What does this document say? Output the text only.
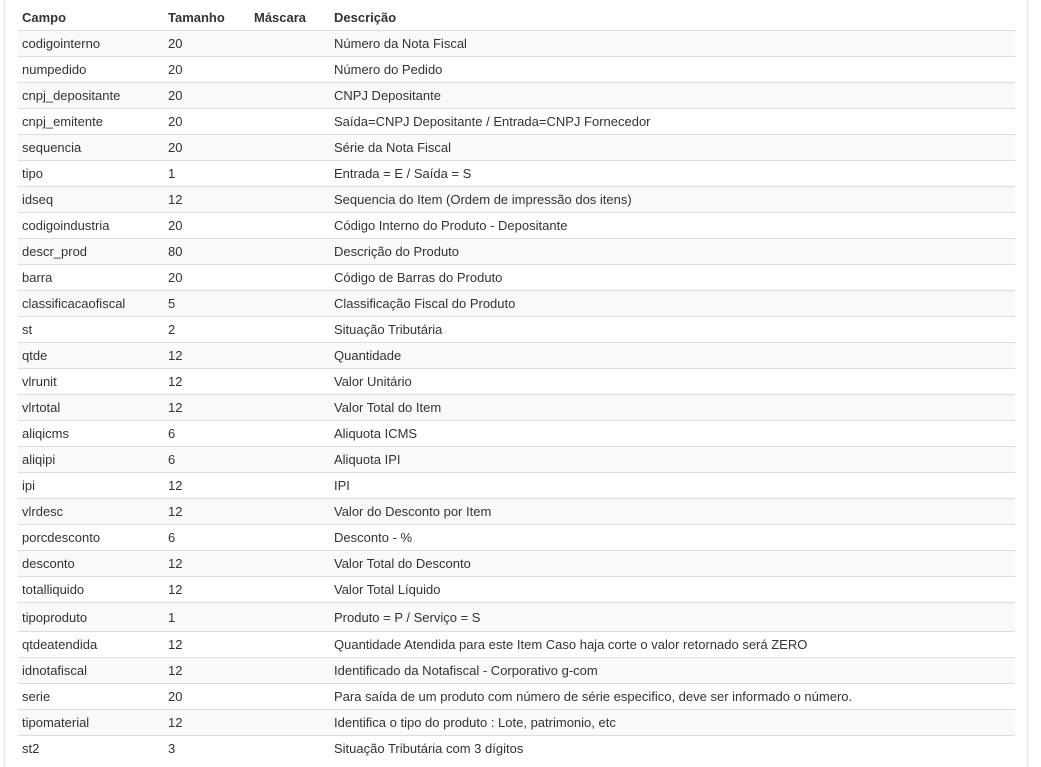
Campo	Tamanho	Máscara	Descrição
codigointerno	20		Número da Nota Fiscal
numpedido	20		Número do Pedido
cnpj_depositante	20		CNPJ Depositante
cnpj_emitente	20		Saída=CNPJ Depositante / Entrada=CNPJ Fornecedor
sequencia	20		Série da Nota Fiscal
tipo	1		Entrada = E / Saída = S
idseq	12		Sequencia do Item (Ordem de impressão dos itens)
codigoindustria	20		Código Interno do Produto - Depositante
descr_prod	80		Descrição do Produto
barra	20		Código de Barras do Produto
classificacaofiscal	5		Classificação Fiscal do Produto
st	2		Situação Tributária
qtde	12		Quantidade
vlrunit	12		Valor Unitário
vlrtotal	12		Valor Total do Item
aliqicms	6		Aliquota ICMS
aliqipi	6		Aliquota IPI
ipi	12		IPI
vlrdesc	12		Valor do Desconto por Item
porcdesconto	6		Desconto - %
desconto	12		Valor Total do Desconto
totalliquido	12		Valor Total Líquido
tipoproduto	1		Produto = P / Serviço = S
qtdeatendida	12		Quantidade Atendida para este Item Caso haja corte o valor retornado será ZERO
idnotafiscal	12		Identificado da Notafiscal - Corporativo g-com
serie	20		Para saída de um produto com número de série especifico, deve ser informado o número.
tipomaterial	12		Identifica o tipo do produto : Lote, patrimonio, etc
st2	3		Situação Tributária com 3 dígitos
